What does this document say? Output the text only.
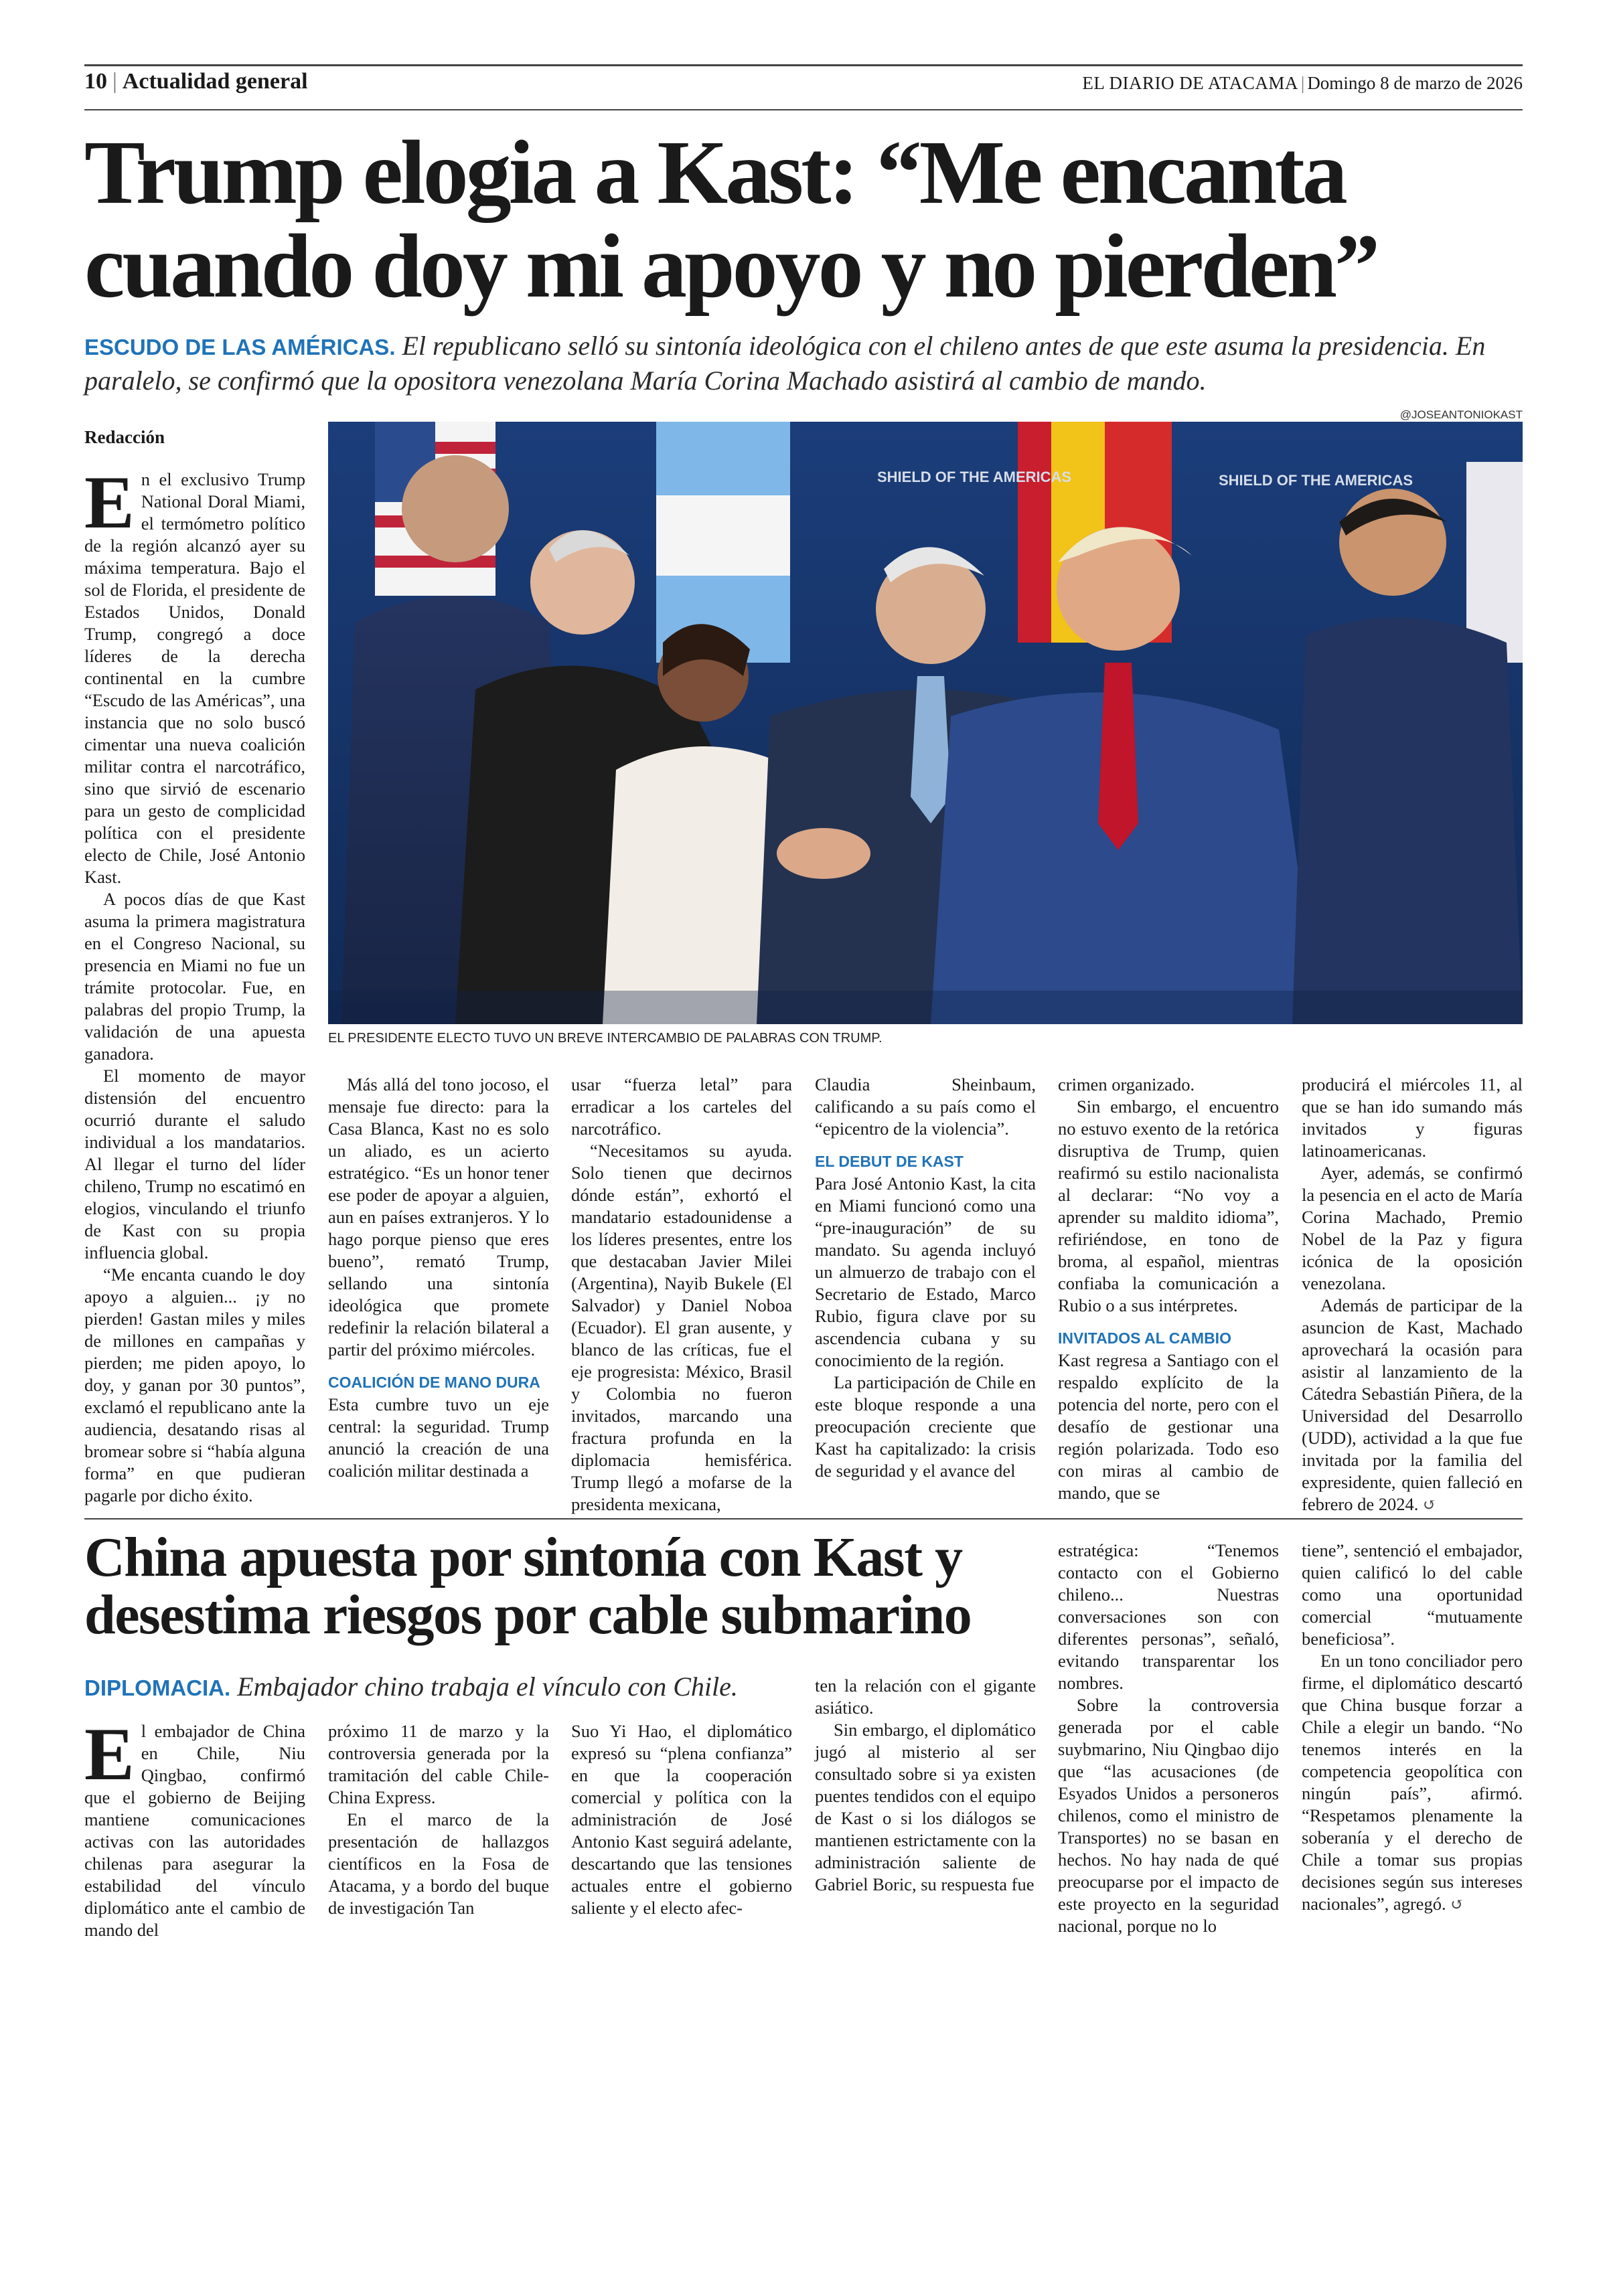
10 | Actualidad general	EL DIARIO DE ATACAMA | Domingo 8 de marzo de 2026
Trump elogia a Kast: “Me encanta cuando doy mi apoyo y no pierden”
ESCUDO DE LAS AMÉRICAS. El republicano selló su sintonía ideológica con el chileno antes de que este asuma la presidencia. En paralelo, se confirmó que la opositora venezolana María Corina Machado asistirá al cambio de mando.
Redacción
@JOSEANTONIOKAST
SHIELD OF THE AMERICAS	SHIELD OF THE AMERICAS
EL PRESIDENTE ELECTO TUVO UN BREVE INTERCAMBIO DE PALABRAS CON TRUMP.

En el exclusivo Trump National Doral Miami, el termómetro político de la región alcanzó ayer su máxima temperatura. Bajo el sol de Florida, el presidente de Estados Unidos, Donald Trump, congregó a doce líderes de la derecha continental en la cumbre “Escudo de las Américas”, una instancia que no solo buscó cimentar una nueva coalición militar contra el narcotráfico, sino que sirvió de escenario para un gesto de complicidad política con el presidente electo de Chile, José Antonio Kast.

A pocos días de que Kast asuma la primera magistratura en el Congreso Nacional, su presencia en Miami no fue un trámite protocolar. Fue, en palabras del propio Trump, la validación de una apuesta ganadora.

El momento de mayor distensión del encuentro ocurrió durante el saludo individual a los mandatarios. Al llegar el turno del líder chileno, Trump no escatimó en elogios, vinculando el triunfo de Kast con su propia influencia global.

“Me encanta cuando le doy apoyo a alguien... ¡y no pierden! Gastan miles y miles de millones en campañas y pierden; me piden apoyo, lo doy, y ganan por 30 puntos”, exclamó el republicano ante la audiencia, desatando risas al bromear sobre si “había alguna forma” en que pudieran pagarle por dicho éxito.

Más allá del tono jocoso, el mensaje fue directo: para la Casa Blanca, Kast no es solo un aliado, es un acierto estratégico. “Es un honor tener ese poder de apoyar a alguien, aun en países extranjeros. Y lo hago porque pienso que eres bueno”, remató Trump, sellando una sintonía ideológica que promete redefinir la relación bilateral a partir del próximo miércoles.

COALICIÓN DE MANO DURA

Esta cumbre tuvo un eje central: la seguridad. Trump anunció la creación de una coalición militar destinada a

usar “fuerza letal” para erradicar a los carteles del narcotráfico.

“Necesitamos su ayuda. Solo tienen que decirnos dónde están”, exhortó el mandatario estadounidense a los líderes presentes, entre los que destacaban Javier Milei (Argentina), Nayib Bukele (El Salvador) y Daniel Noboa (Ecuador). El gran ausente, y blanco de las críticas, fue el eje progresista: México, Brasil y Colombia no fueron invitados, marcando una fractura profunda en la diplomacia hemisférica. Trump llegó a mofarse de la presidenta mexicana,

Claudia Sheinbaum, calificando a su país como el “epicentro de la violencia”.

EL DEBUT DE KAST

Para José Antonio Kast, la cita en Miami funcionó como una “pre-inauguración” de su mandato. Su agenda incluyó un almuerzo de trabajo con el Secretario de Estado, Marco Rubio, figura clave por su ascendencia cubana y su conocimiento de la región.

La participación de Chile en este bloque responde a una preocupación creciente que Kast ha capitalizado: la crisis de seguridad y el avance del

crimen organizado.

Sin embargo, el encuentro no estuvo exento de la retórica disruptiva de Trump, quien reafirmó su estilo nacionalista al declarar: “No voy a aprender su maldito idioma”, refiriéndose, en tono de broma, al español, mientras confiaba la comunicación a Rubio o a sus intérpretes.

INVITADOS AL CAMBIO

Kast regresa a Santiago con el respaldo explícito de la potencia del norte, pero con el desafío de gestionar una región polarizada. Todo eso con miras al cambio de mando, que se

producirá el miércoles 11, al que se han ido sumando más invitados y figuras latinoamericanas.

Ayer, además, se confirmó la pesencia en el acto de María Corina Machado, Premio Nobel de la Paz y figura icónica de la oposición venezolana.

Además de participar de la asuncion de Kast, Machado aprovechará la ocasión para asistir al lanzamiento de la Cátedra Sebastián Piñera, de la Universidad del Desarrollo (UDD), actividad a la que fue invitada por la familia del expresidente, quien falleció en febrero de 2024. ↺

China apuesta por sintonía con Kast y desestima riesgos por cable submarino
DIPLOMACIA. Embajador chino trabaja el vínculo con Chile.

El embajador de China en Chile, Niu Qingbao, confirmó que el gobierno de Beijing mantiene comunicaciones activas con las autoridades chilenas para asegurar la estabilidad del vínculo diplomático ante el cambio de mando del

próximo 11 de marzo y la controversia generada por la tramitación del cable Chile-China Express.

En el marco de la presentación de hallazgos científicos en la Fosa de Atacama, y a bordo del buque de investigación Tan

Suo Yi Hao, el diplomático expresó su “plena confianza” en que la cooperación comercial y política con la administración de José Antonio Kast seguirá adelante, descartando que las tensiones actuales entre el gobierno saliente y el electo afec-

ten la relación con el gigante asiático.

Sin embargo, el diplomático jugó al misterio al ser consultado sobre si ya existen puentes tendidos con el equipo de Kast o si los diálogos se mantienen estrictamente con la administración saliente de Gabriel Boric, su respuesta fue

estratégica: “Tenemos contacto con el Gobierno chileno... Nuestras conversaciones son con diferentes personas”, señaló, evitando transparentar los nombres.

Sobre la controversia generada por el cable suybmarino, Niu Qingbao dijo que “las acusaciones (de Esyados Unidos a personeros chilenos, como el ministro de Transportes) no se basan en hechos. No hay nada de qué preocuparse por el impacto de este proyecto en la seguridad nacional, porque no lo

tiene”, sentenció el embajador, quien calificó lo del cable como una oportunidad comercial “mutuamente beneficiosa”.

En un tono conciliador pero firme, el diplomático descartó que China busque forzar a Chile a elegir un bando. “No tenemos interés en la competencia geopolítica con ningún país”, afirmó. “Respetamos plenamente la soberanía y el derecho de Chile a tomar sus propias decisiones según sus intereses nacionales”, agregó. ↺
